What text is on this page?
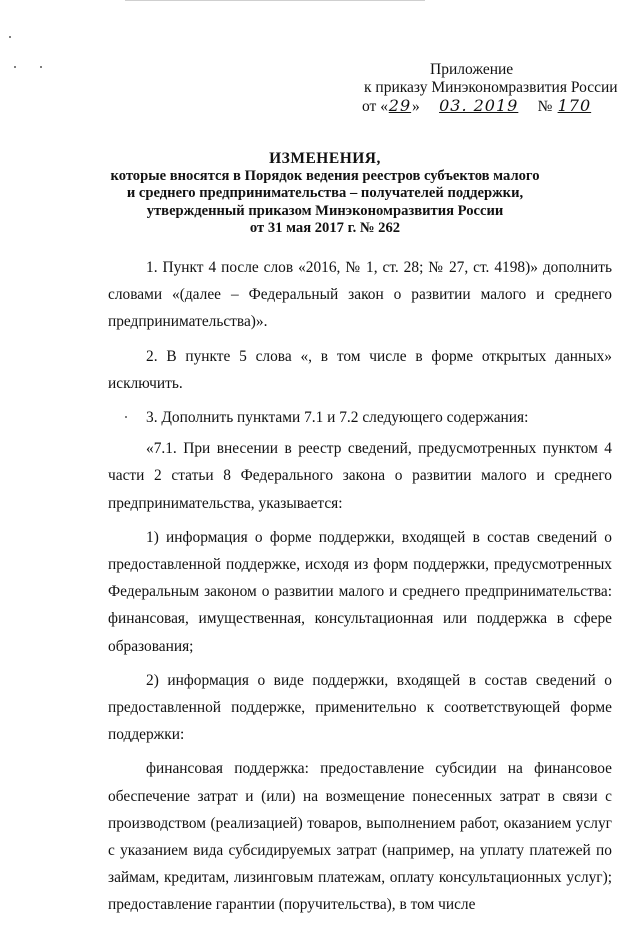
Приложение
к приказу Минэкономразвития России
от «29» 03. 2019 № 170
ИЗМЕНЕНИЯ,
которые вносятся в Порядок ведения реестров субъектов малого
и среднего предпринимательства – получателей поддержки,
утвержденный приказом Минэкономразвития России
от 31 мая 2017 г. № 262

1. Пункт 4 после слов «2016, № 1, ст. 28; № 27, ст. 4198)» дополнить словами «(далее – Федеральный закон о развитии малого и среднего предпринимательства)».

2. В пункте 5 слова «, в том числе в форме открытых данных» исключить.

3. Дополнить пунктами 7.1 и 7.2 следующего содержания:

«7.1. При внесении в реестр сведений, предусмотренных пунктом 4 части 2 статьи 8 Федерального закона о развитии малого и среднего предпринимательства, указывается:

1) информация о форме поддержки, входящей в состав сведений о предоставленной поддержке, исходя из форм поддержки, предусмотренных Федеральным законом о развитии малого и среднего предпринимательства: финансовая, имущественная, консультационная или поддержка в сфере образования;

2) информация о виде поддержки, входящей в состав сведений о предоставленной поддержке, применительно к соответствующей форме поддержки:

финансовая поддержка: предоставление субсидии на финансовое обеспечение затрат и (или) на возмещение понесенных затрат в связи с производством (реализацией) товаров, выполнением работ, оказанием услуг с указанием вида субсидируемых затрат (например, на уплату платежей по займам, кредитам, лизинговым платежам, оплату консультационных услуг); предоставление гарантии (поручительства), в том числе
